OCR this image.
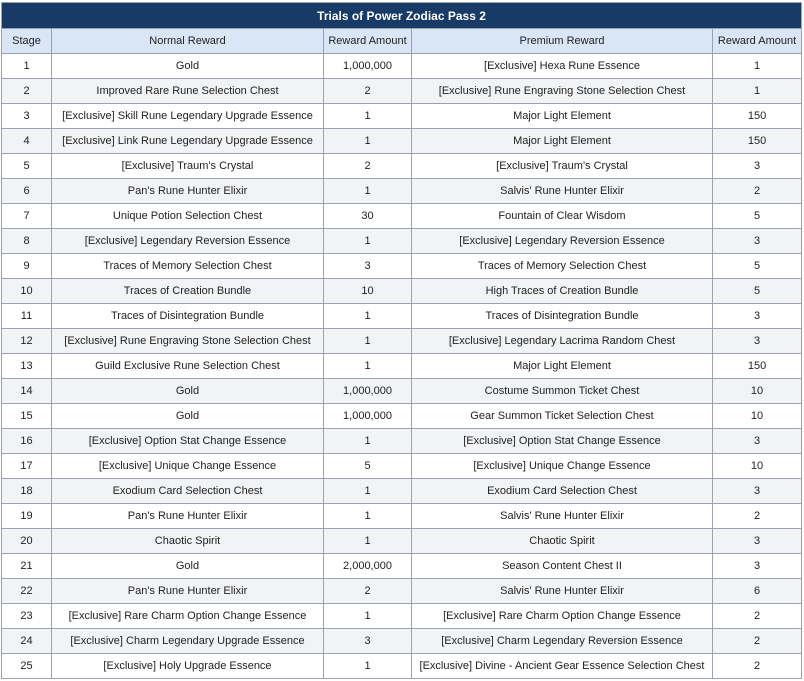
Trials of Power Zodiac Pass 2				
Stage	Normal Reward	Reward Amount	Premium Reward	Reward Amount
1	Gold	1,000,000	[Exclusive] Hexa Rune Essence	1
2	Improved Rare Rune Selection Chest	2	[Exclusive] Rune Engraving Stone Selection Chest	1
3	[Exclusive] Skill Rune Legendary Upgrade Essence	1	Major Light Element	150
4	[Exclusive] Link Rune Legendary Upgrade Essence	1	Major Light Element	150
5	[Exclusive] Traum's Crystal	2	[Exclusive] Traum's Crystal	3
6	Pan's Rune Hunter Elixir	1	Salvis' Rune Hunter Elixir	2
7	Unique Potion Selection Chest	30	Fountain of Clear Wisdom	5
8	[Exclusive] Legendary Reversion Essence	1	[Exclusive] Legendary Reversion Essence	3
9	Traces of Memory Selection Chest	3	Traces of Memory Selection Chest	5
10	Traces of Creation Bundle	10	High Traces of Creation Bundle	5
11	Traces of Disintegration Bundle	1	Traces of Disintegration Bundle	3
12	[Exclusive] Rune Engraving Stone Selection Chest	1	[Exclusive] Legendary Lacrima Random Chest	3
13	Guild Exclusive Rune Selection Chest	1	Major Light Element	150
14	Gold	1,000,000	Costume Summon Ticket Chest	10
15	Gold	1,000,000	Gear Summon Ticket Selection Chest	10
16	[Exclusive] Option Stat Change Essence	1	[Exclusive] Option Stat Change Essence	3
17	[Exclusive] Unique Change Essence	5	[Exclusive] Unique Change Essence	10
18	Exodium Card Selection Chest	1	Exodium Card Selection Chest	3
19	Pan's Rune Hunter Elixir	1	Salvis' Rune Hunter Elixir	2
20	Chaotic Spirit	1	Chaotic Spirit	3
21	Gold	2,000,000	Season Content Chest II	3
22	Pan's Rune Hunter Elixir	2	Salvis' Rune Hunter Elixir	6
23	[Exclusive] Rare Charm Option Change Essence	1	[Exclusive] Rare Charm Option Change Essence	2
24	[Exclusive] Charm Legendary Upgrade Essence	3	[Exclusive] Charm Legendary Reversion Essence	2
25	[Exclusive] Holy Upgrade Essence	1	[Exclusive] Divine - Ancient Gear Essence Selection Chest	2
